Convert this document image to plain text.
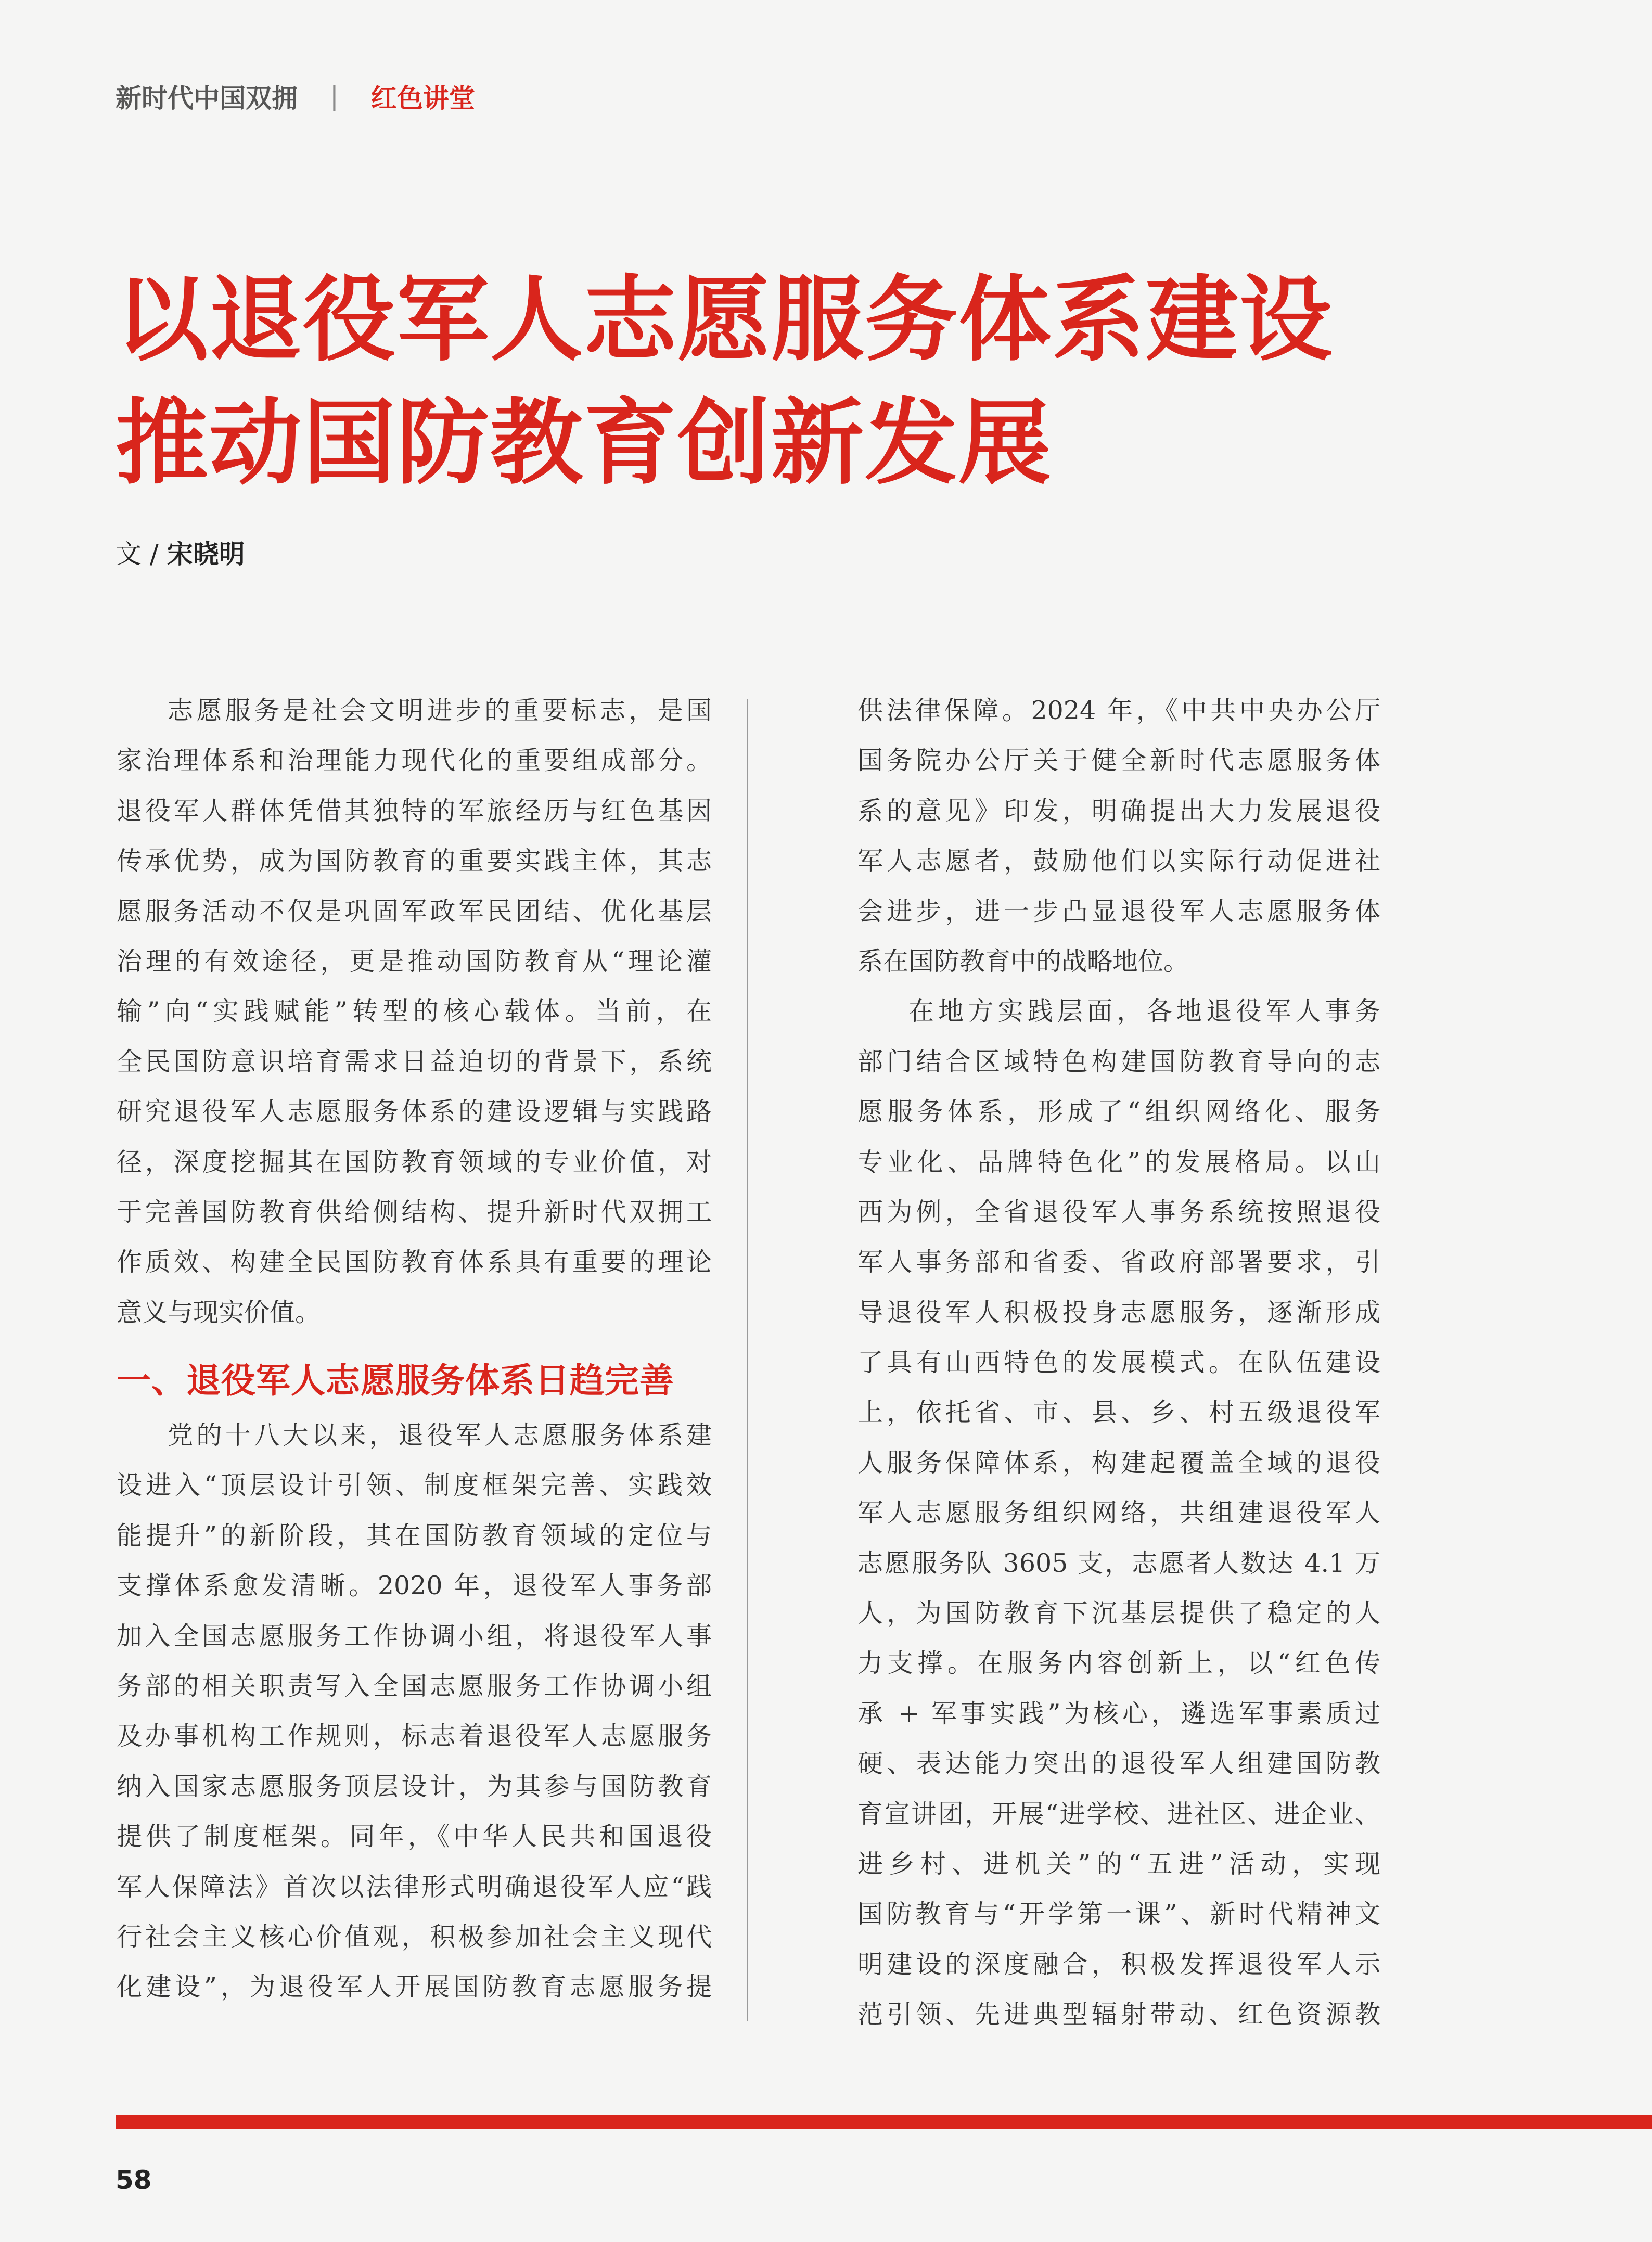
新时代中国双拥 | 红色讲堂
以退役军人志愿服务体系建设
推动国防教育创新发展
文 / 宋晓明
志愿服务是社会文明进步的重要标志，是国
家治理体系和治理能力现代化的重要组成部分。
退役军人群体凭借其独特的军旅经历与红色基因
传承优势，成为国防教育的重要实践主体，其志
愿服务活动不仅是巩固军政军民团结、优化基层
治理的有效途径，更是推动国防教育从“理论灌
输”向“实践赋能”转型的核心载体。当前，在
全民国防意识培育需求日益迫切的背景下，系统
研究退役军人志愿服务体系的建设逻辑与实践路
径，深度挖掘其在国防教育领域的专业价值，对
于完善国防教育供给侧结构、提升新时代双拥工
作质效、构建全民国防教育体系具有重要的理论
意义与现实价值。
一、退役军人志愿服务体系日趋完善
党的十八大以来，退役军人志愿服务体系建
设进入“顶层设计引领、制度框架完善、实践效
能提升”的新阶段，其在国防教育领域的定位与
支撑体系愈发清晰。2020 年，退役军人事务部
加入全国志愿服务工作协调小组，将退役军人事
务部的相关职责写入全国志愿服务工作协调小组
及办事机构工作规则，标志着退役军人志愿服务
纳入国家志愿服务顶层设计，为其参与国防教育
提供了制度框架。同年，《中华人民共和国退役
军人保障法》首次以法律形式明确退役军人应“践
行社会主义核心价值观，积极参加社会主义现代
化建设”，为退役军人开展国防教育志愿服务提
供法律保障。2024 年，《中共中央办公厅
国务院办公厅关于健全新时代志愿服务体
系的意见》印发，明确提出大力发展退役
军人志愿者，鼓励他们以实际行动促进社
会进步，进一步凸显退役军人志愿服务体
系在国防教育中的战略地位。
在地方实践层面，各地退役军人事务
部门结合区域特色构建国防教育导向的志
愿服务体系，形成了“组织网络化、服务
专业化、品牌特色化”的发展格局。以山
西为例，全省退役军人事务系统按照退役
军人事务部和省委、省政府部署要求，引
导退役军人积极投身志愿服务，逐渐形成
了具有山西特色的发展模式。在队伍建设
上，依托省、市、县、乡、村五级退役军
人服务保障体系，构建起覆盖全域的退役
军人志愿服务组织网络，共组建退役军人
志愿服务队 3605 支，志愿者人数达 4.1 万
人，为国防教育下沉基层提供了稳定的人
力支撑。在服务内容创新上，以“红色传
承 + 军事实践”为核心，遴选军事素质过
硬、表达能力突出的退役军人组建国防教
育宣讲团，开展“进学校、进社区、进企业、
进乡村、进机关”的“五进”活动，实现
国防教育与“开学第一课”、新时代精神文
明建设的深度融合，积极发挥退役军人示
范引领、先进典型辐射带动、红色资源教
58
